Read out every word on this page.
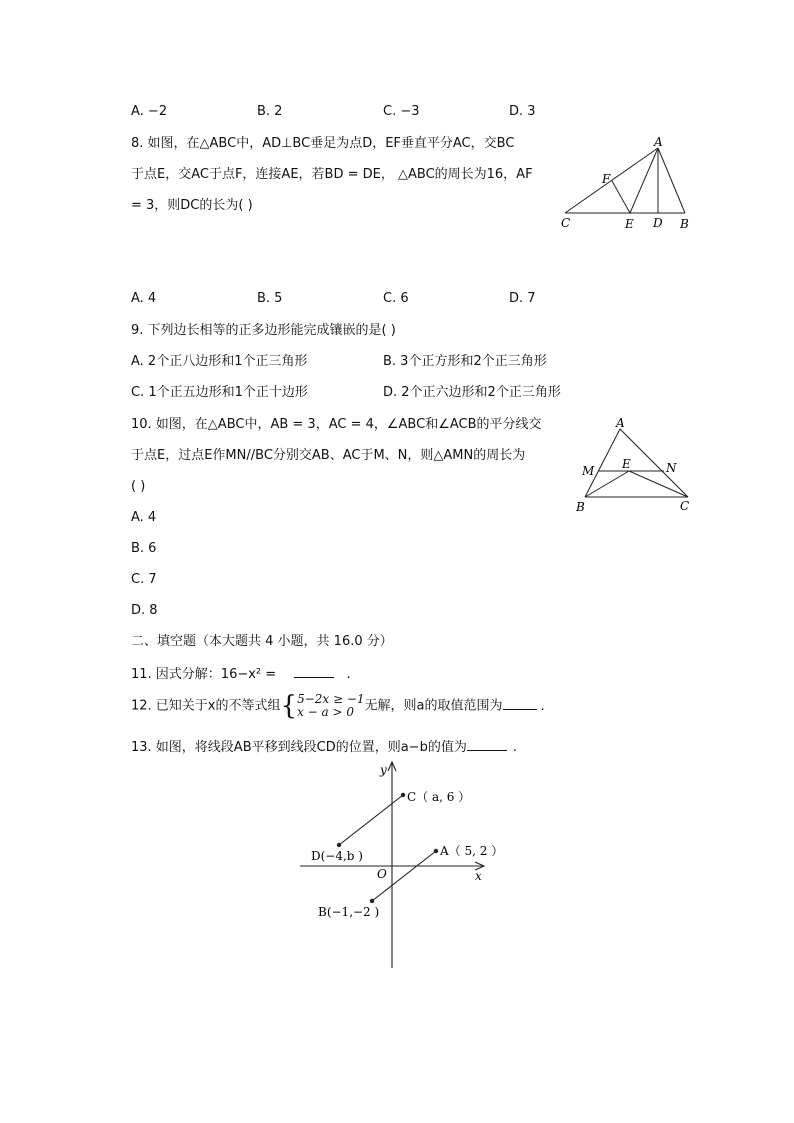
A. −2	B. 2	C. −3	D. 3
8. 如图，在△ABC中，AD⊥BC垂足为点D，EF垂直平分AC，交BC
于点E，交AC于点F，连接AE，若BD = DE， △ABC的周长为16，AF
= 3，则DC的长为( )
A
F
C	E D B
A. 4	B. 5	C. 6	D. 7
9. 下列边长相等的正多边形能完成镶嵌的是( )
A. 2个正八边形和1个正三角形	B. 3个正方形和2个正三角形
C. 1个正五边形和1个正十边形	D. 2个正六边形和2个正三角形
10. 如图，在△ABC中，AB = 3，AC = 4，∠ABC和∠ACB的平分线交
于点E，过点E作MN//BC分别交AB、AC于M、N，则△AMN的周长为
( )
A
M E	N
B	C
A. 4
B. 6
C. 7
D. 8
二、填空题（本大题共 4 小题，共 16.0 分）
11. 因式分解：16−x² =	.
12. 已知关于x的不等式组{ 5−2x ≥ −1
x − a > 0 无解，则a的取值范围为	.
13. 如图，将线段AB平移到线段CD的位置，则a−b的值为	.
y
x
O
C（ a, 6 ）
D(−4,b )	A（ 5, 2 ）
B(−1,−2 )
